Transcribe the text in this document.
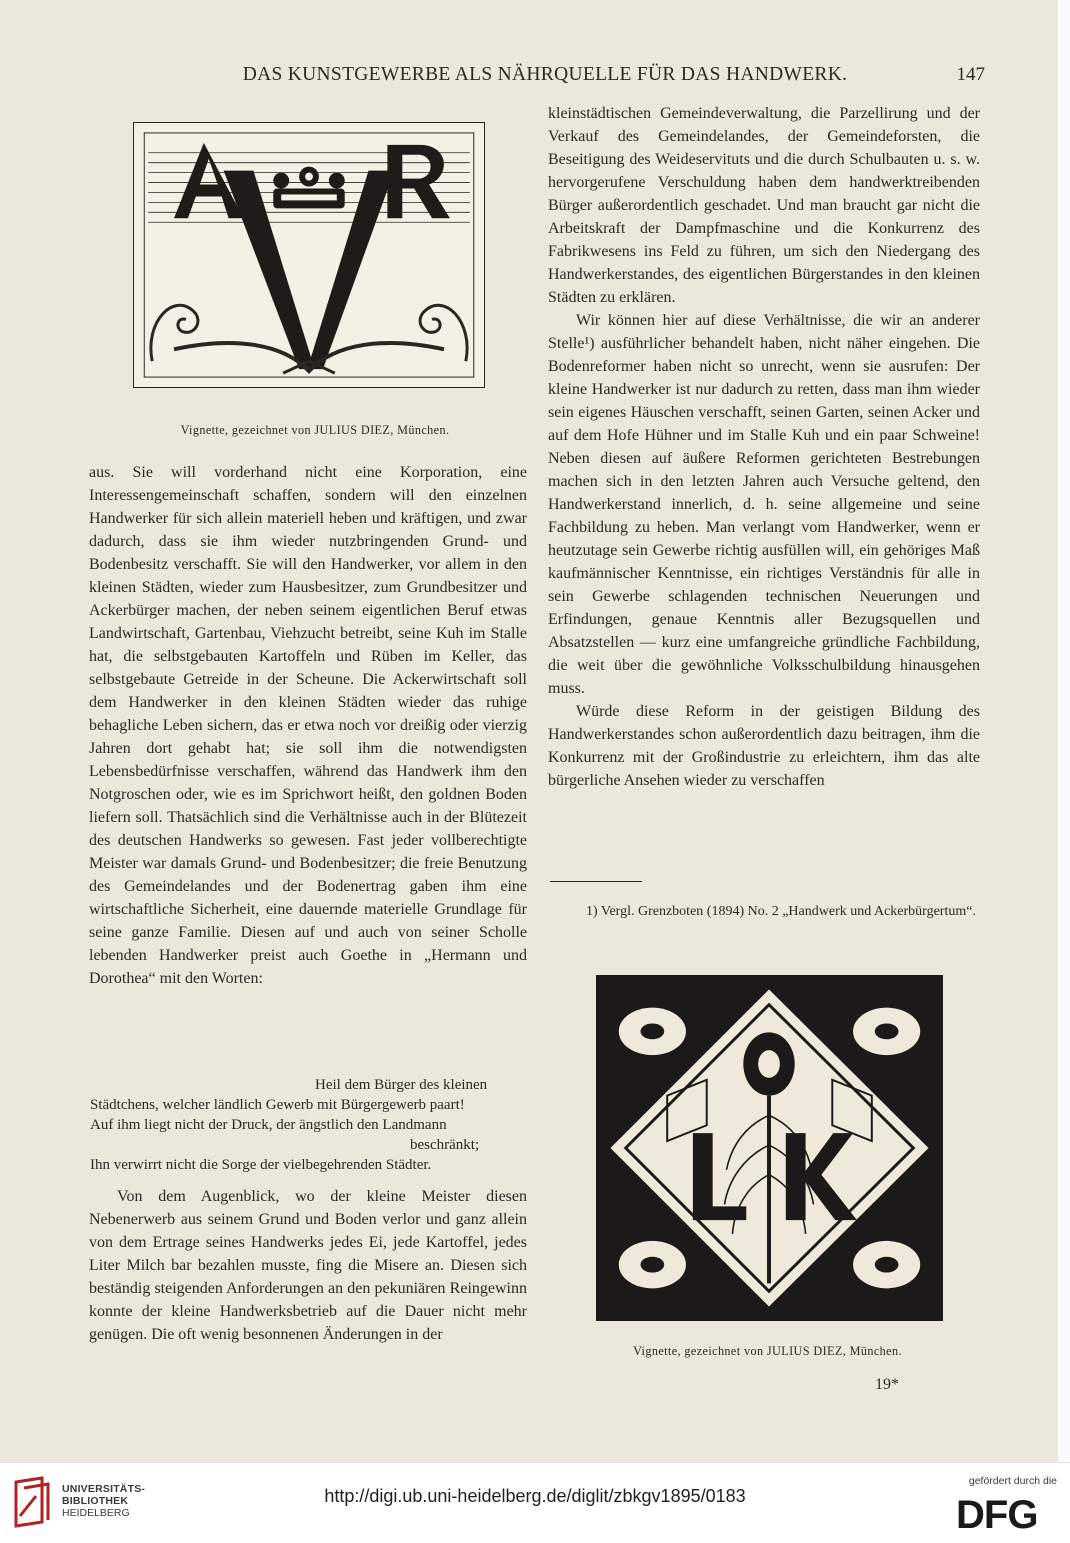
DAS KUNSTGEWERBE ALS NÄHRQUELLE FÜR DAS HANDWERK.	147
Vignette, gezeichnet von JULIUS DIEZ, München.

aus. Sie will vorderhand nicht eine Korporation, eine Interessengemeinschaft schaffen, sondern will den einzelnen Handwerker für sich allein materiell heben und kräftigen, und zwar dadurch, dass sie ihm wieder nutzbringenden Grund- und Bodenbesitz verschafft. Sie will den Handwerker, vor allem in den kleinen Städten, wieder zum Hausbesitzer, zum Grundbesitzer und Ackerbürger machen, der neben seinem eigentlichen Beruf etwas Landwirtschaft, Gartenbau, Viehzucht betreibt, seine Kuh im Stalle hat, die selbstgebauten Kartoffeln und Rüben im Keller, das selbstgebaute Getreide in der Scheune. Die Ackerwirtschaft soll dem Handwerker in den kleinen Städten wieder das ruhige behagliche Leben sichern, das er etwa noch vor dreißig oder vierzig Jahren dort gehabt hat; sie soll ihm die notwendigsten Lebensbedürfnisse verschaffen, während das Handwerk ihm den Notgroschen oder, wie es im Sprichwort heißt, den goldnen Boden liefern soll. Thatsächlich sind die Verhältnisse auch in der Blütezeit des deutschen Handwerks so gewesen. Fast jeder vollberechtigte Meister war damals Grund- und Bodenbesitzer; die freie Benutzung des Gemeindelandes und der Bodenertrag gaben ihm eine wirtschaftliche Sicherheit, eine dauernde materielle Grundlage für seine ganze Familie. Diesen auf und auch von seiner Scholle lebenden Handwerker preist auch Goethe in „Hermann und Dorothea“ mit den Worten:

Heil dem Bürger des kleinen
Städtchens, welcher ländlich Gewerb mit Bürgergewerb paart!
Auf ihm liegt nicht der Druck, der ängstlich den Landmann
beschränkt;
Ihn verwirrt nicht die Sorge der vielbegehrenden Städter.

Von dem Augenblick, wo der kleine Meister diesen Nebenerwerb aus seinem Grund und Boden verlor und ganz allein von dem Ertrage seines Handwerks jedes Ei, jede Kartoffel, jedes Liter Milch bar bezahlen musste, fing die Misere an. Diesen sich beständig steigenden Anforderungen an den pekuniären Reingewinn konnte der kleine Handwerksbetrieb auf die Dauer nicht mehr genügen. Die oft wenig besonnenen Änderungen in der

kleinstädtischen Gemeindeverwaltung, die Parzellirung und der Verkauf des Gemeindelandes, der Gemeindeforsten, die Beseitigung des Weideservituts und die durch Schulbauten u. s. w. hervorgerufene Verschuldung haben dem handwerktreibenden Bürger außerordentlich geschadet. Und man braucht gar nicht die Arbeitskraft der Dampfmaschine und die Konkurrenz des Fabrikwesens ins Feld zu führen, um sich den Niedergang des Handwerkerstandes, des eigentlichen Bürgerstandes in den kleinen Städten zu erklären.

Wir können hier auf diese Verhältnisse, die wir an anderer Stelle¹) ausführlicher behandelt haben, nicht näher eingehen. Die Bodenreformer haben nicht so unrecht, wenn sie ausrufen: Der kleine Handwerker ist nur dadurch zu retten, dass man ihm wieder sein eigenes Häuschen verschafft, seinen Garten, seinen Acker und auf dem Hofe Hühner und im Stalle Kuh und ein paar Schweine! Neben diesen auf äußere Reformen gerichteten Bestrebungen machen sich in den letzten Jahren auch Versuche geltend, den Handwerkerstand innerlich, d. h. seine allgemeine und seine Fachbildung zu heben. Man verlangt vom Handwerker, wenn er heutzutage sein Gewerbe richtig ausfüllen will, ein gehöriges Maß kaufmännischer Kenntnisse, ein richtiges Verständnis für alle in sein Gewerbe schlagenden technischen Neuerungen und Erfindungen, genaue Kenntnis aller Bezugsquellen und Absatzstellen — kurz eine umfangreiche gründliche Fachbildung, die weit über die gewöhnliche Volksschulbildung hinausgehen muss.

Würde diese Reform in der geistigen Bildung des Handwerkerstandes schon außerordentlich dazu beitragen, ihm die Konkurrenz mit der Großindustrie zu erleichtern, ihm das alte bürgerliche Ansehen wieder zu verschaffen

1) Vergl. Grenzboten (1894) No. 2 „Handwerk und Ackerbürgertum“.
Vignette, gezeichnet von JULIUS DIEZ, München.
19*
UNIVERSITÄTS-
BIBLIOTHEK
HEIDELBERG
http://digi.ub.uni-heidelberg.de/diglit/zbkgv1895/0183
gefördert durch die
DFG
